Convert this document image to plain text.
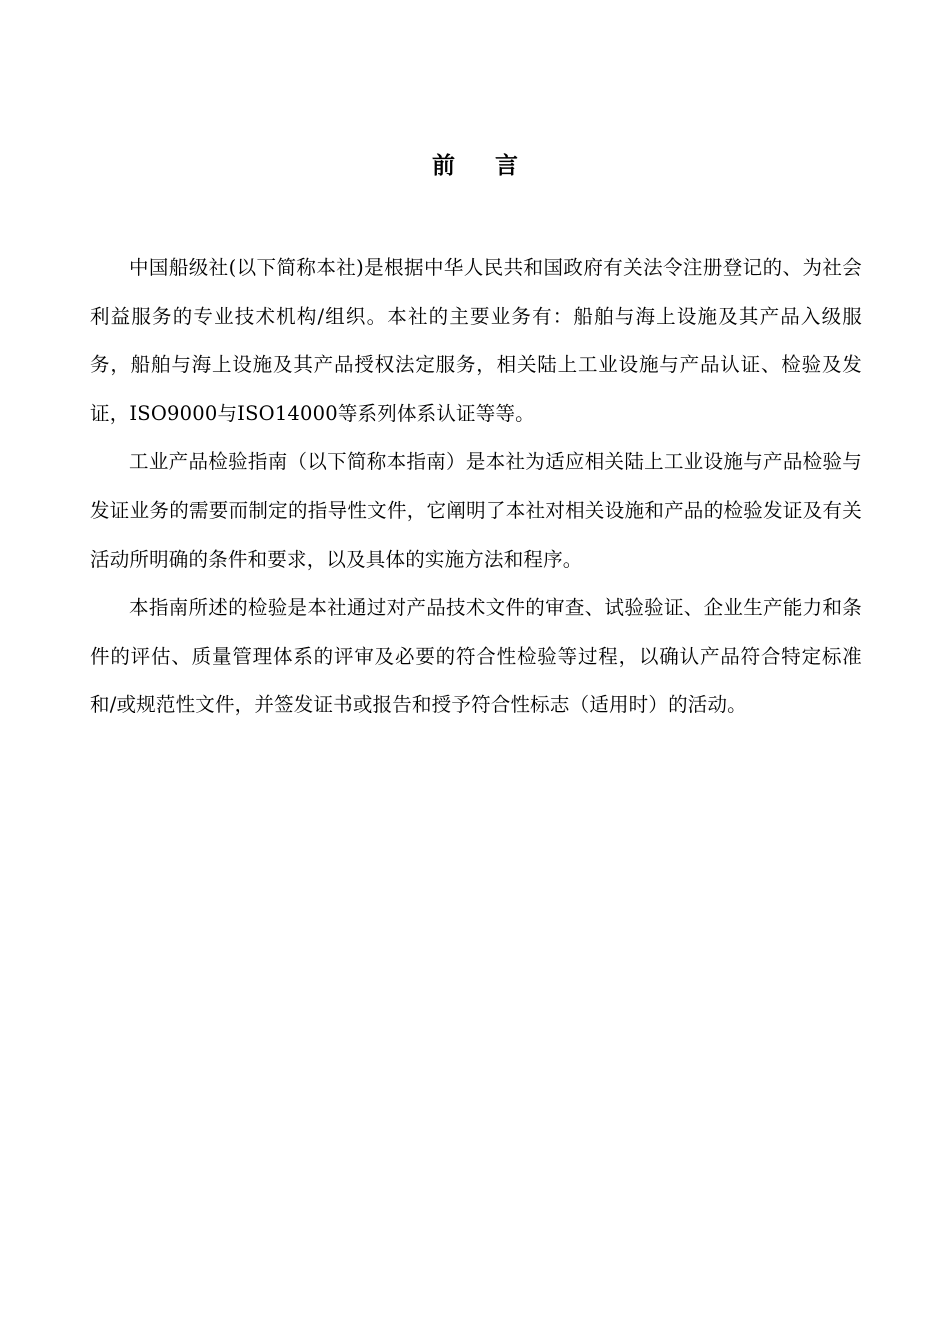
前言

中国船级社(以下简称本社)是根据中华人民共和国政府有关法令注册登记的、为社会利益服务的专业技术机构/组织。本社的主要业务有：船舶与海上设施及其产品入级服务，船舶与海上设施及其产品授权法定服务，相关陆上工业设施与产品认证、检验及发证，ISO9000与ISO14000等系列体系认证等等。

工业产品检验指南（以下简称本指南）是本社为适应相关陆上工业设施与产品检验与发证业务的需要而制定的指导性文件，它阐明了本社对相关设施和产品的检验发证及有关活动所明确的条件和要求，以及具体的实施方法和程序。

本指南所述的检验是本社通过对产品技术文件的审查、试验验证、企业生产能力和条件的评估、质量管理体系的评审及必要的符合性检验等过程，以确认产品符合特定标准和/或规范性文件，并签发证书或报告和授予符合性标志（适用时）的活动。
